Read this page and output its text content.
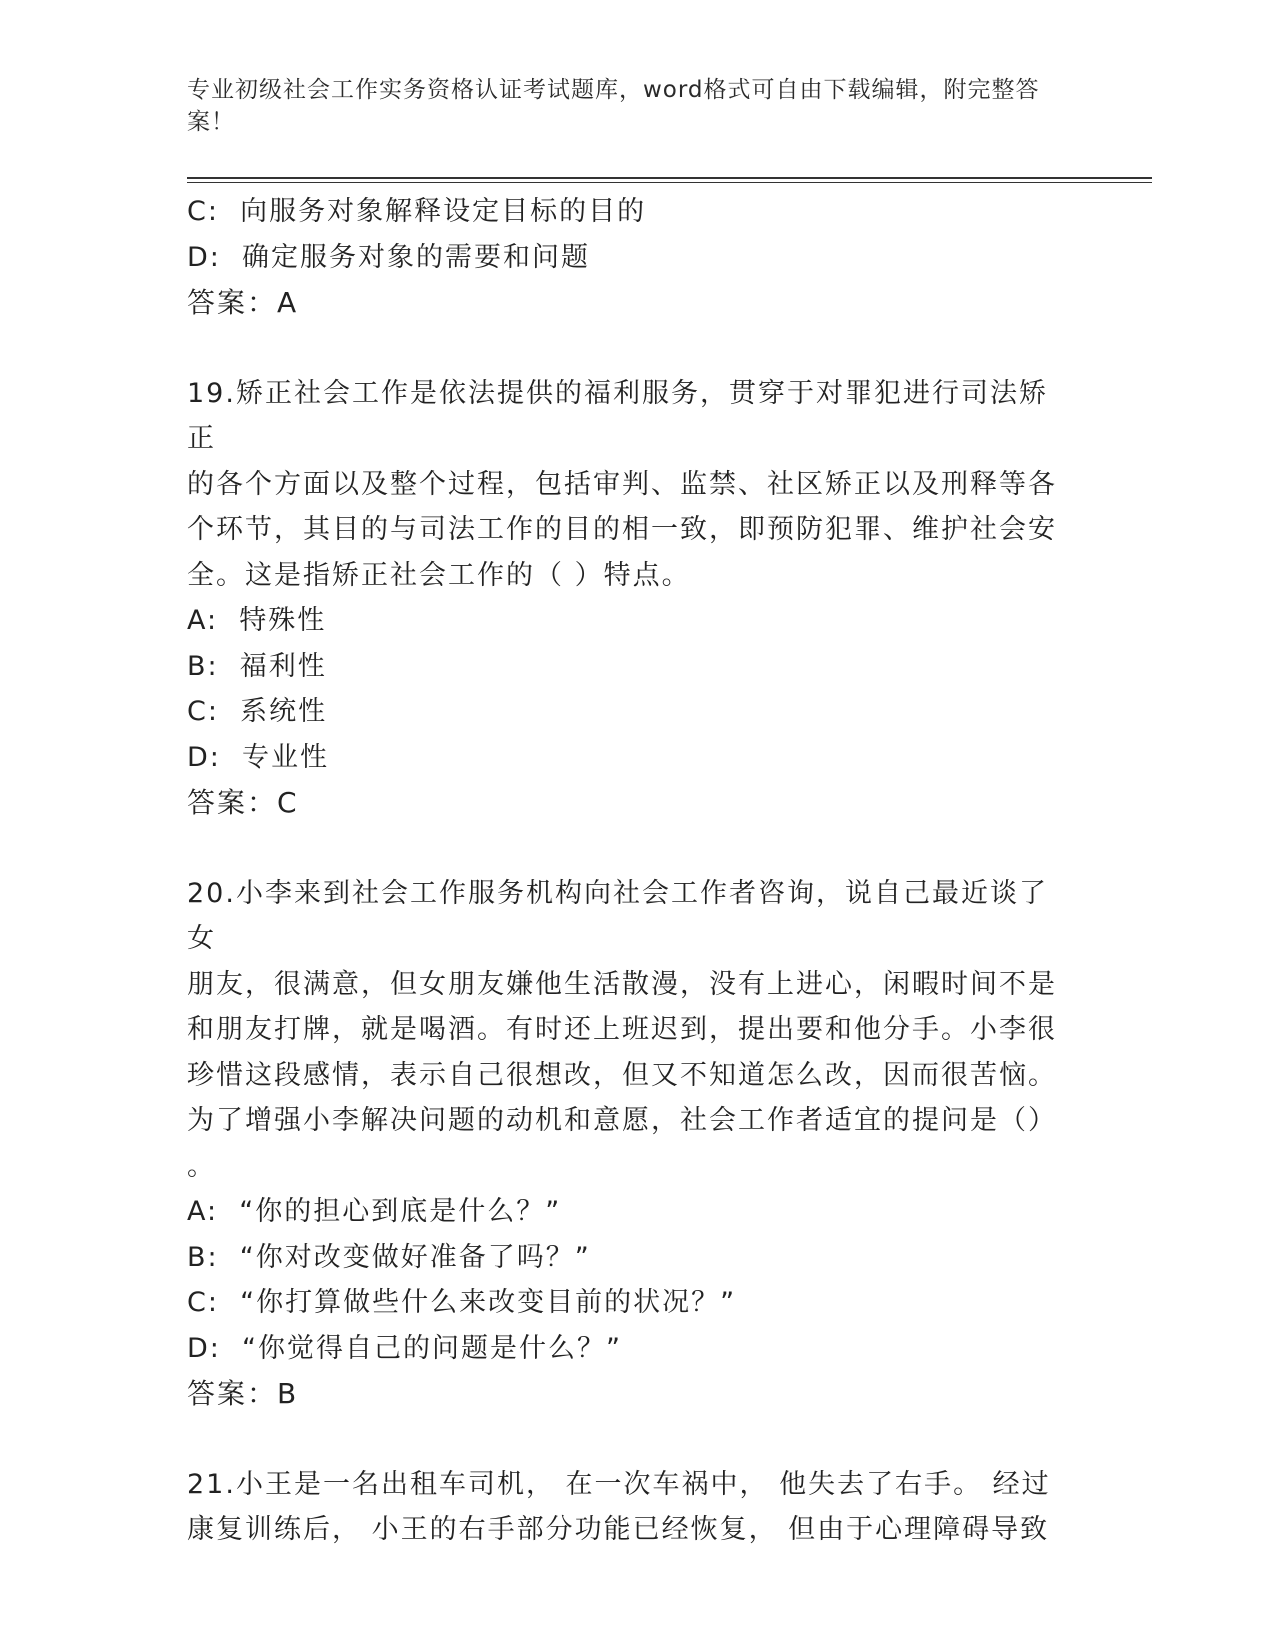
专业初级社会工作实务资格认证考试题库，word格式可自由下载编辑，附完整答
案！

C:  向服务对象解释设定目标的目的

D:  确定服务对象的需要和问题

答案：A

19.矫正社会工作是依法提供的福利服务，贯穿于对罪犯进行司法矫正

的各个方面以及整个过程，包括审判、监禁、社区矫正以及刑释等各

个环节，其目的与司法工作的目的相一致，即预防犯罪、维护社会安

全。这是指矫正社会工作的（ ）特点。

A:  特殊性

B:  福利性

C:  系统性

D:  专业性

答案：C

20.小李来到社会工作服务机构向社会工作者咨询，说自己最近谈了女

朋友，很满意，但女朋友嫌他生活散漫，没有上进心，闲暇时间不是

和朋友打牌，就是喝酒。有时还上班迟到，提出要和他分手。小李很

珍惜这段感情，表示自己很想改，但又不知道怎么改，因而很苦恼。

为了增强小李解决问题的动机和意愿，社会工作者适宜的提问是（）

。

A:  “你的担心到底是什么？”

B:  “你对改变做好准备了吗？”

C:  “你打算做些什么来改变目前的状况？”

D:  “你觉得自己的问题是什么？”

答案：B

21.小王是一名出租车司机， 在一次车祸中， 他失去了右手。 经过

康复训练后， 小王的右手部分功能已经恢复， 但由于心理障碍导致
